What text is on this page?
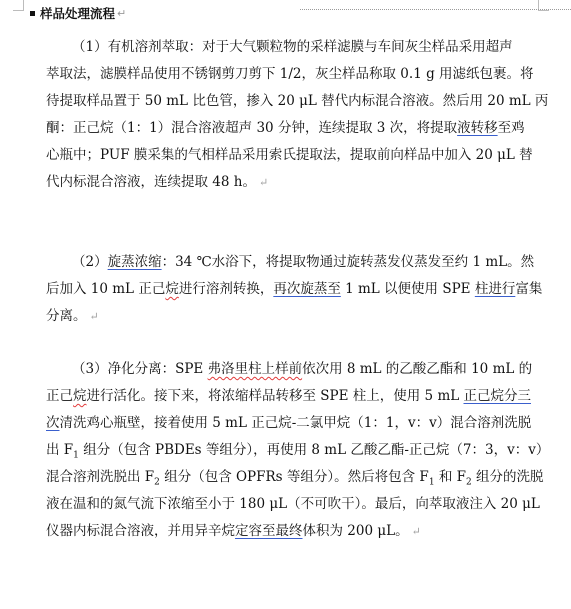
样品处理流程 ↵
（1）有机溶剂萃取：对于大气颗粒物的采样滤膜与车间灰尘样品采用超声
萃取法，滤膜样品使用不锈钢剪刀剪下 1/2，灰尘样品称取 0.1 g 用滤纸包裹。将
待提取样品置于 50 mL 比色管，掺入 20 μL 替代内标混合溶液。然后用 20 mL 丙
酮：正己烷（1：1）混合溶液超声 30 分钟，连续提取 3 次，将提取液转移至鸡
心瓶中；PUF 膜采集的气相样品采用索氏提取法，提取前向样品中加入 20 μL 替
代内标混合溶液，连续提取 48 h。 ↵
（2）旋蒸浓缩：34 ℃水浴下，将提取物通过旋转蒸发仪蒸发至约 1 mL。然
后加入 10 mL 正己烷进行溶剂转换，再次旋蒸至 1 mL 以便使用 SPE 柱进行富集
分离。 ↵
（3）净化分离：SPE 弗洛里柱上样前依次用 8 mL 的乙酸乙酯和 10 mL 的
正己烷进行活化。接下来，将浓缩样品转移至 SPE 柱上，使用 5 mL 正己烷分三
次清洗鸡心瓶壁，接着使用 5 mL 正己烷-二氯甲烷（1：1，v：v）混合溶剂洗脱
出 $F_1$ 组分（包含 PBDEs 等组分），再使用 8 mL 乙酸乙酯-正己烷（7：3，v：v）
混合溶剂洗脱出 $F_2$ 组分（包含 OPFRs 等组分）。然后将包含 $F_1$ 和 $F_2$ 组分的洗脱
液在温和的氮气流下浓缩至小于 180 μL（不可吹干）。最后，向萃取液注入 20 μL
仪器内标混合溶液，并用异辛烷定容至最终体积为 200 μL。 ↵
